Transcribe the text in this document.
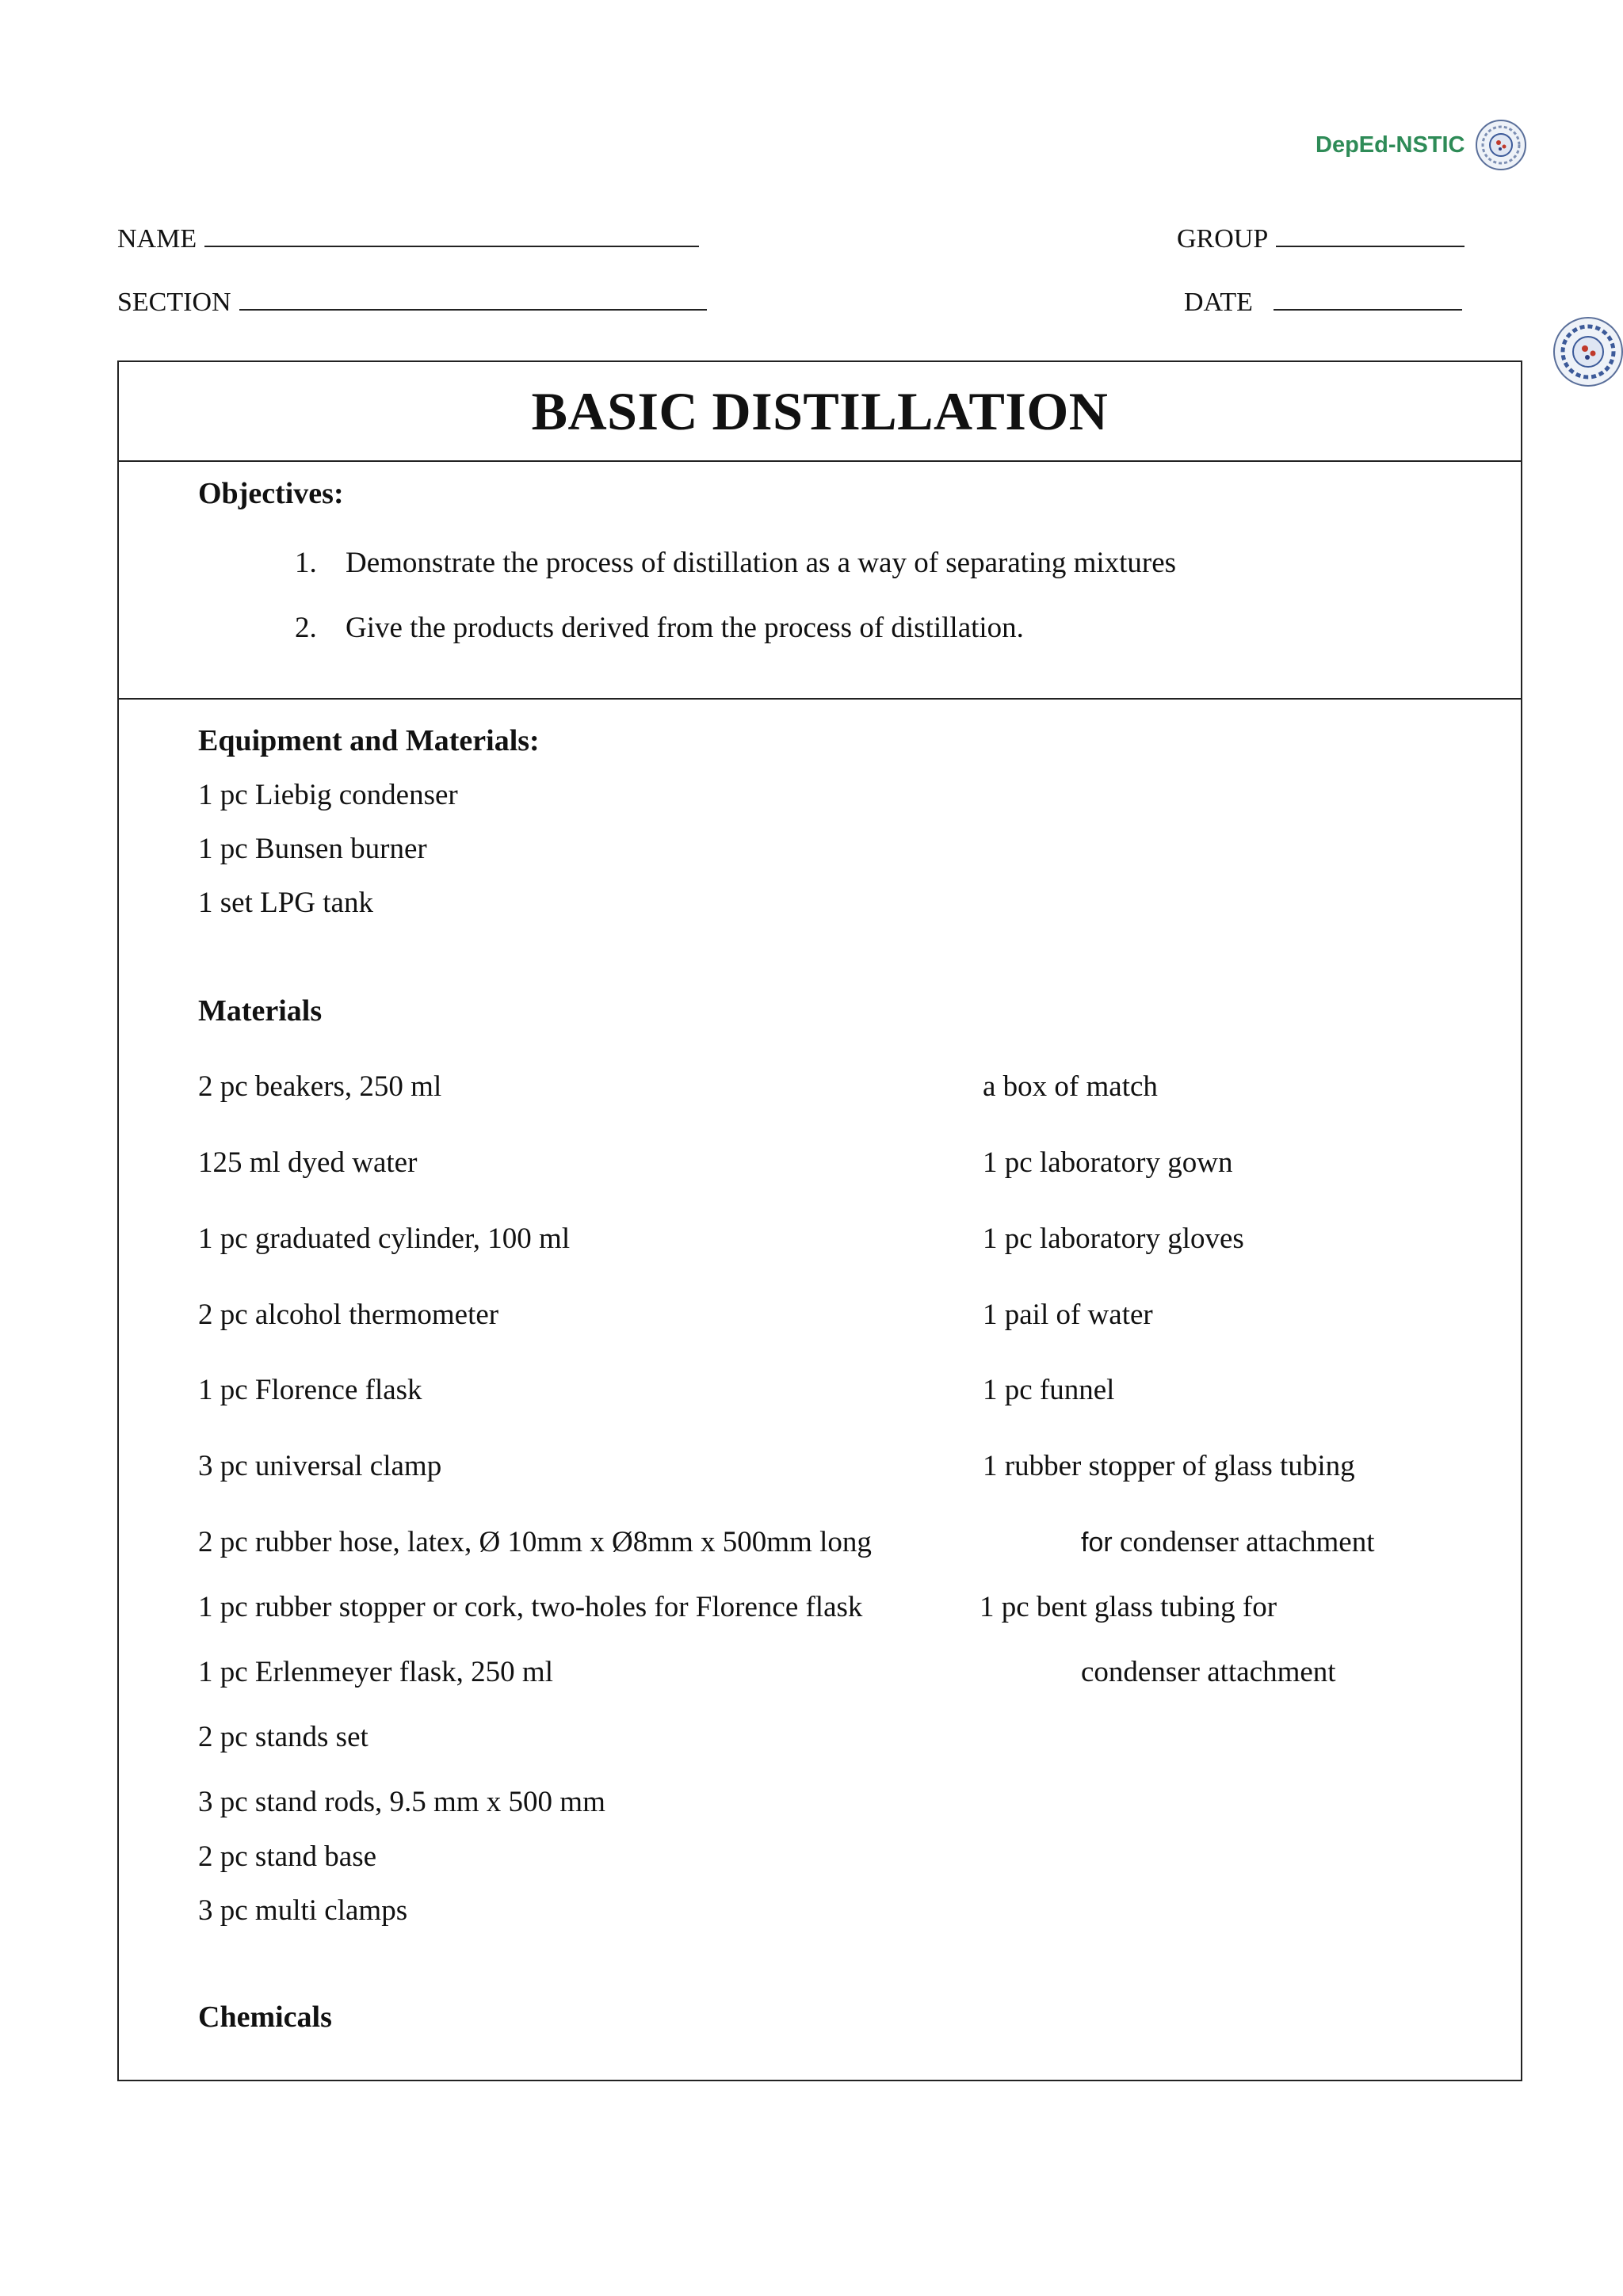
DepEd-NSTIC
NAME	GROUP
SECTION	DATE
BASIC DISTILLATION
Objectives:
1. Demonstrate the process of distillation as a way of separating mixtures
2. Give the products derived from the process of distillation.
Equipment and Materials:
1 pc Liebig condenser
1 pc Bunsen burner
1 set LPG tank
Materials
2 pc beakers, 250 ml
125 ml dyed water
1 pc graduated cylinder, 100 ml
2 pc alcohol thermometer
1 pc Florence flask
3 pc universal clamp
2 pc rubber hose, latex, Ø 10mm x Ø8mm x 500mm long
1 pc rubber stopper or cork, two-holes for Florence flask
1 pc Erlenmeyer flask, 250 ml
2 pc stands set
3 pc stand rods, 9.5 mm x 500 mm
2 pc stand base
3 pc multi clamps
a box of match
1 pc laboratory gown
1 pc laboratory gloves
1 pail of water
1 pc funnel
1 rubber stopper of glass tubing
for condenser attachment
1 pc bent glass tubing for
condenser attachment
Chemicals
